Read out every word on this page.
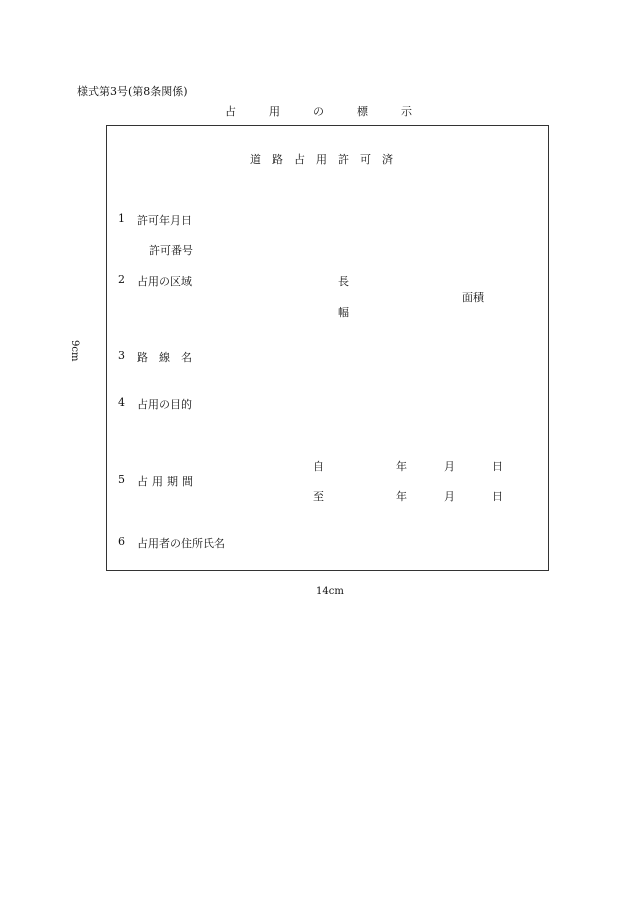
様式第3号(第8条関係)
占	用	の	標	示
道 路 占 用 許 可 済
1 許可年月日
許可番号
2 占用の区域	長
幅
面積
3 路 線 名
4 占用の目的
5 占 用 期 間
自	年	月	日
至	年	月	日
6 占用者の住所氏名
14cm
9cm
